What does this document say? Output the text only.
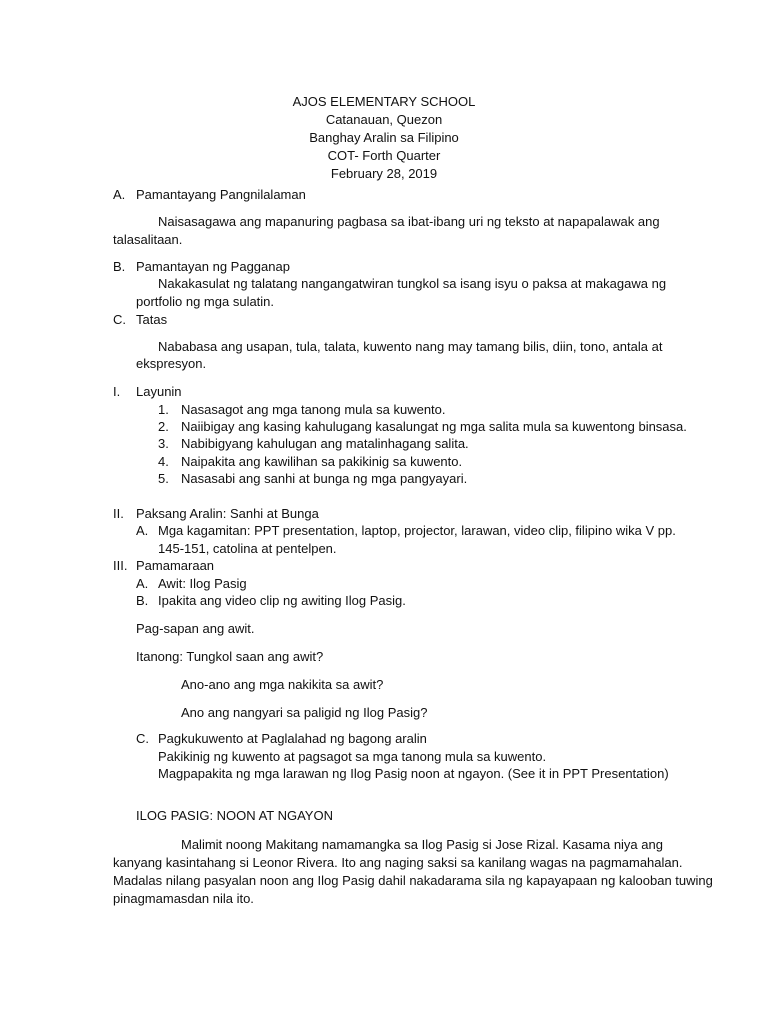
AJOS ELEMENTARY SCHOOL
Catanauan, Quezon
Banghay Aralin sa Filipino
COT- Forth Quarter
February 28, 2019
A. Pamantayang Pangnilalaman
Naisasagawa ang mapanuring pagbasa sa ibat-ibang uri ng teksto at napapalawak ang
talasalitaan.
B. Pamantayan ng Pagganap
Nakakasulat ng talatang nangangatwiran tungkol sa isang isyu o paksa at makagawa ng
portfolio ng mga sulatin.
C. Tatas
Nababasa ang usapan, tula, talata, kuwento nang may tamang bilis, diin, tono, antala at
ekspresyon.
I. Layunin
1. Nasasagot ang mga tanong mula sa kuwento.
2. Naiibigay ang kasing kahulugang kasalungat ng mga salita mula sa kuwentong binsasa.
3. Nabibigyang kahulugan ang matalinhagang salita.
4. Naipakita ang kawilihan sa pakikinig sa kuwento.
5. Nasasabi ang sanhi at bunga ng mga pangyayari.
II. Paksang Aralin: Sanhi at Bunga
A. Mga kagamitan: PPT presentation, laptop, projector, larawan, video clip, filipino wika V pp.
145-151, catolina at pentelpen.
III. Pamamaraan
A. Awit: Ilog Pasig
B. Ipakita ang video clip ng awiting Ilog Pasig.
Pag-sapan ang awit.
Itanong: Tungkol saan ang awit?
Ano-ano ang mga nakikita sa awit?
Ano ang nangyari sa paligid ng Ilog Pasig?
C. Pagkukuwento at Paglalahad ng bagong aralin
Pakikinig ng kuwento at pagsagot sa mga tanong mula sa kuwento.
Magpapakita ng mga larawan ng Ilog Pasig noon at ngayon. (See it in PPT Presentation)
ILOG PASIG: NOON AT NGAYON
Malimit noong Makitang namamangka sa Ilog Pasig si Jose Rizal. Kasama niya ang
kanyang kasintahang si Leonor Rivera. Ito ang naging saksi sa kanilang wagas na pagmamahalan.
Madalas nilang pasyalan noon ang Ilog Pasig dahil nakadarama sila ng kapayapaan ng kalooban tuwing
pinagmamasdan nila ito.
